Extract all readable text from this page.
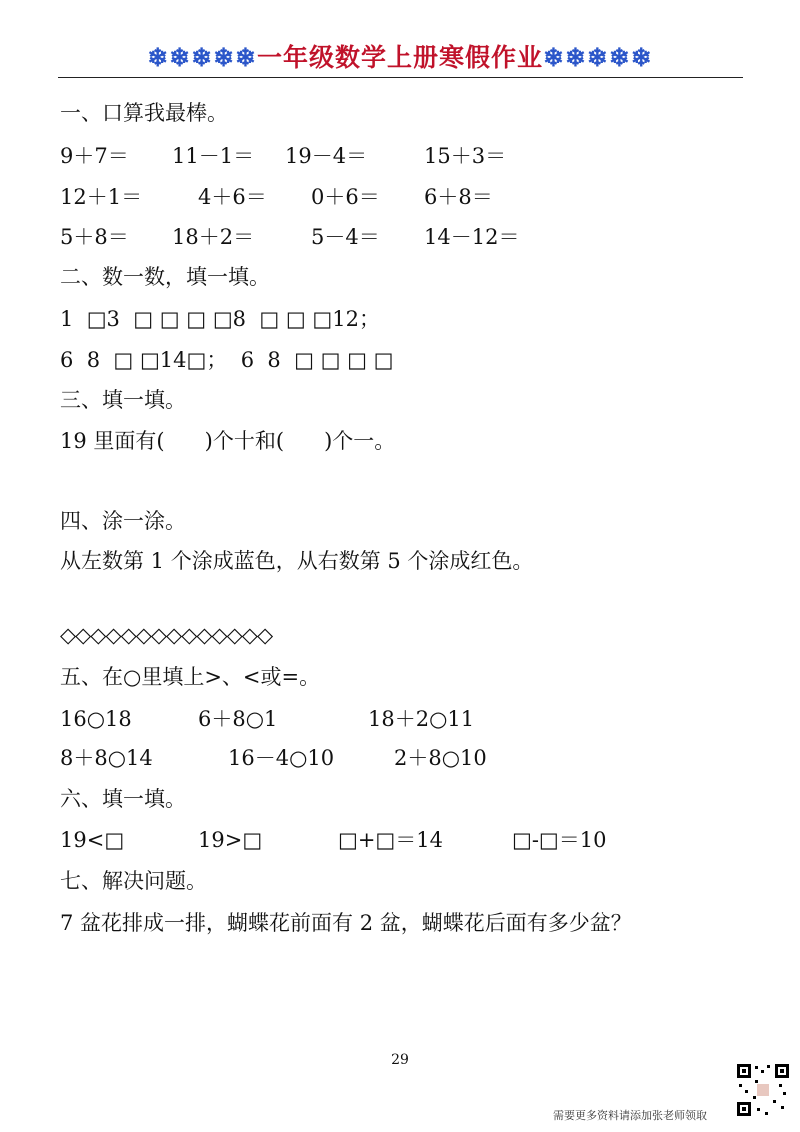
❄❄❄❄❄一年级数学上册寒假作业❄❄❄❄❄
一、口算我最棒。
9＋7＝ 11－1＝ 19－4＝	15＋3＝
12＋1＝	4＋6＝ 0＋6＝ 6＋8＝
5＋8＝ 18＋2＝	5－4＝ 14－12＝
二、数一数，填一填。
1  □3  □ □ □ □8  □ □ □12；
6  8  □ □14□；  6  8  □ □ □ □
三、填一填。
19 里面有(      )个十和(      )个一。
四、涂一涂。
从左数第 1 个涂成蓝色，从右数第 5 个涂成红色。
◇◇◇◇◇◇◇◇◇◇◇◇◇◇
五、在○里填上>、<或=。
16○18	6＋8○1	18＋2○11
8＋8○14	16－4○10	2＋8○10
六、填一填。
19<□	19>□	□+□＝14	□-□＝10
七、解决问题。
7 盆花排成一排，蝴蝶花前面有 2 盆，蝴蝶花后面有多少盆？
29
需要更多资料请添加张老师领取
